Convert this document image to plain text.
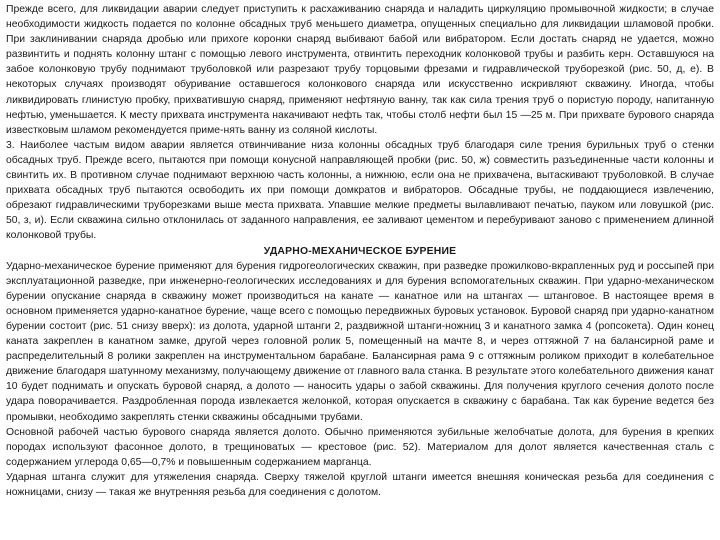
Прежде всего, для ликвидации аварии следует приступить к расхаживанию снаряда и наладить циркуляцию промывочной жидкости; в случае необходимости жидкость подается по колонне обсадных труб меньшего диаметра, опущенных специально для ликвидации шламовой пробки. При заклинивании снаряда дробью или прихоге коронки снаряд выбивают бабой или вибратором. Если достать снаряд не удается, можно развинтить и поднять колонну штанг с помощью левого инструмента, отвинтить переходник колонковой трубы и разбить керн. Оставшуюся на забое колонковую трубу поднимают труболовкой или разрезают трубу торцовыми фрезами и гидравлической труборезкой (рис. 50, д, е). В некоторых случаях производят обуривание оставшегося колонкового снаряда или искусственно искривляют скважину. Иногда, чтобы ликвидировать глинистую пробку, прихватившую снаряд, применяют нефтяную ванну, так как сила трения труб о пористую породу, напитанную нефтью, уменьшается. К месту прихвата инструмента накачивают нефть так, чтобы столб нефти был 15 —25 м. При прихвате бурового снаряда известковым шламом рекомендуется приме-нять ванну из соляной кислоты.

3. Наиболее частым видом аварии является отвинчивание низа колонны обсадных труб благодаря силе трения бурильных труб о стенки обсадных труб. Прежде всего, пытаются при помощи конусной направляющей пробки (рис. 50, ж) совместить разъединенные части колонны и свинтить их. В противном случае поднимают верхнюю часть колонны, а нижнюю, если она не прихвачена, вытаскивают труболовкой. В случае прихвата обсадных труб пытаются освободить их при помощи домкратов и вибраторов. Обсадные трубы, не поддающиеся извлечению, обрезают гидравлическими труборезками выше места прихвата. Упавшие мелкие предметы вылавливают печатью, пауком или ловушкой (рис. 50, з, и). Если скважина сильно отклонилась от заданного направления, ее заливают цементом и перебуривают заново с применением длинной колонковой трубы.

УДАРНО-МЕХАНИЧЕСКОЕ БУРЕНИЕ

Ударно-механическое бурение применяют для бурения гидрогеологических скважин, при разведке прожилково-вкрапленных руд и россыпей при эксплуатационной разведке, при инженерно-геологических исследованиях и для бурения вспомогательных скважин. При ударно-механическом бурении опускание снаряда в скважину может производиться на канате — канатное или на штангах — штанговое. В настоящее время в основном применяется ударно-канатное бурение, чаще всего с помощью передвижных буровых установок. Буровой снаряд при ударно-канатном бурении состоит (рис. 51 снизу вверх): из долота, ударной штанги 2, раздвижной штанги-ножниц 3 и канатного замка 4 (ропсокета). Один конец каната закреплен в канатном замке, другой через головной ролик 5, помещенный на мачте 8, и через оттяжной 7 на балансирной раме и распределительный 8 ролики закреплен на инструментальном барабане. Балансирная рама 9 с оттяжным роликом приходит в колебательное движение благодаря шатунному механизму, получающему движение от главного вала станка. В результате этого колебательного движения канат 10 будет поднимать и опускать буровой снаряд, а долото — наносить удары о забой скважины. Для получения круглого сечения долото после удара поворачивается. Раздробленная порода извлекается желонкой, которая опускается в скважину с барабана. Так как бурение ведется без промывки, необходимо закреплять стенки скважины обсадными трубами.

Основной рабочей частью бурового снаряда является долото. Обычно применяются зубильные желобчатые долота, для бурения в крепких породах используют фасонное долото, в трещиноватых — крестовое (рис. 52). Материалом для долот является качественная сталь с содержанием углерода 0,65—0,7% и повышенным содержанием марганца.

Ударная штанга служит для утяжеления снаряда. Сверху тяжелой круглой штанги имеется внешняя коническая резьба для соединения с ножницами, снизу — такая же внутренняя резьба для соединения с долотом.
